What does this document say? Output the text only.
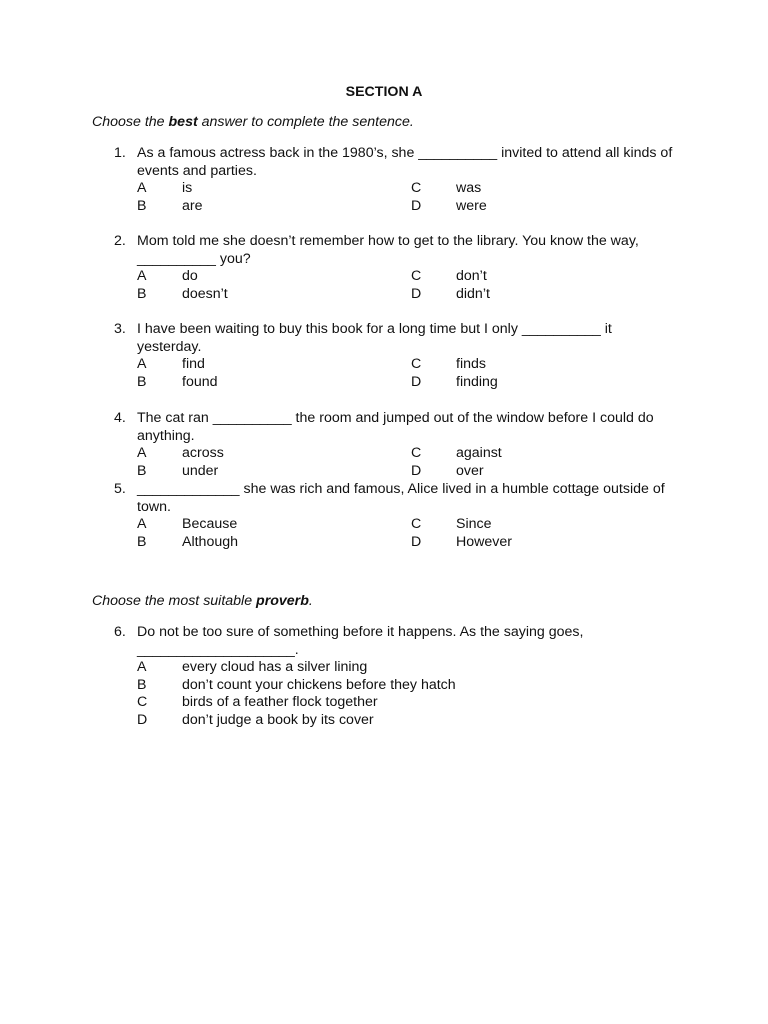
SECTION A
Choose the best answer to complete the sentence.
1. As a famous actress back in the 1980’s, she __________ invited to attend all kinds of events and parties.
A	is	C	was
B	are	D	were
2. Mom told me she doesn’t remember how to get to the library. You know the way, __________ you?
A	do	C	don’t
B	doesn’t	D	didn’t
3. I have been waiting to buy this book for a long time but I only __________ it yesterday.
A	find	C	finds
B	found	D	finding
4. The cat ran __________ the room and jumped out of the window before I could do anything.
A	across	C	against
B	under	D	over
5. _____________ she was rich and famous, Alice lived in a humble cottage outside of town.
A	Because	C	Since
B	Although	D	However
Choose the most suitable proverb.
6. Do not be too sure of something before it happens. As the saying goes, ____________________.
A	every cloud has a silver lining
B	don’t count your chickens before they hatch
C	birds of a feather flock together
D	don’t judge a book by its cover
